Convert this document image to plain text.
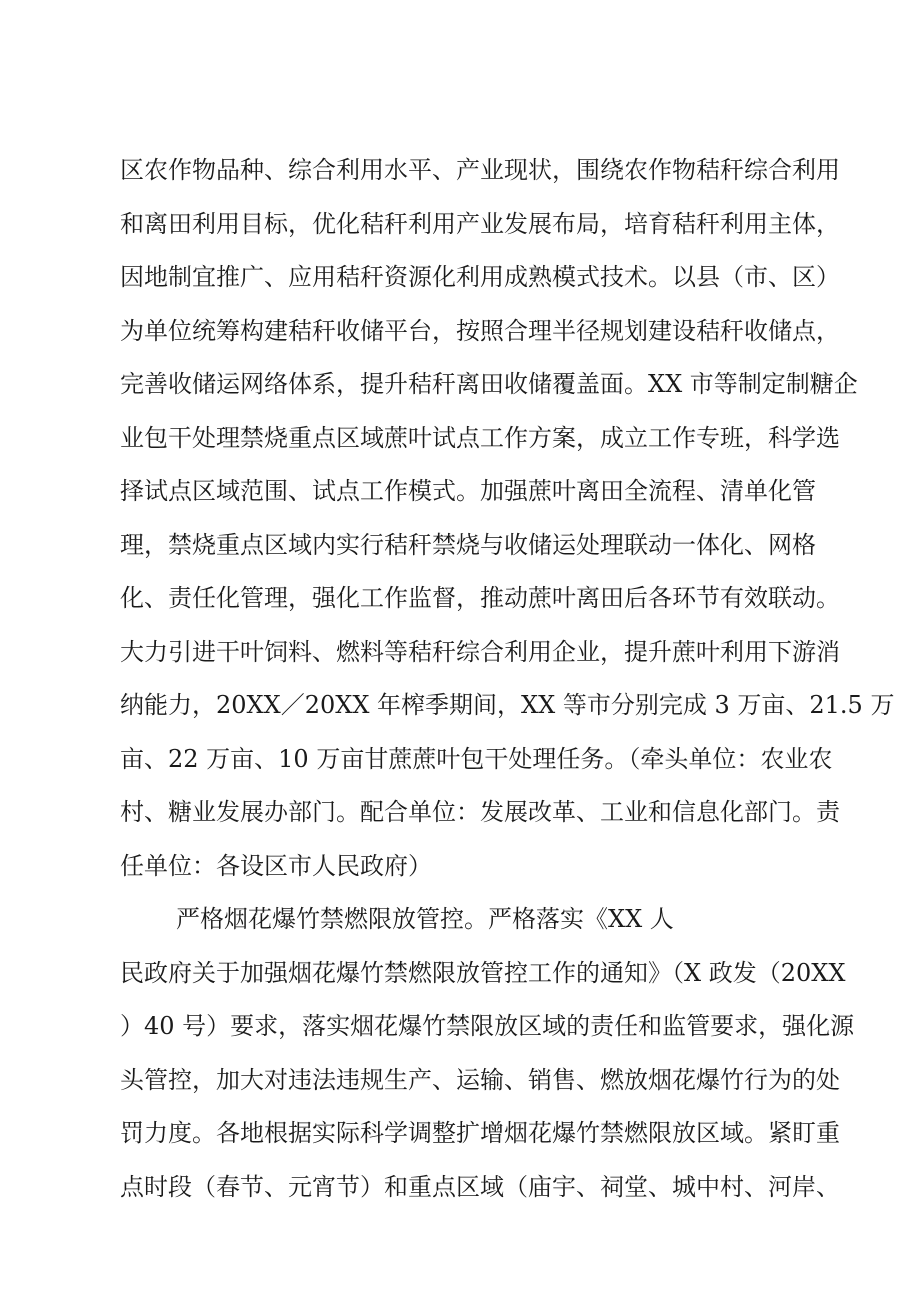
区农作物品种、综合利用水平、产业现状，围绕农作物秸秆综合利用
和离田利用目标，优化秸秆利用产业发展布局，培育秸秆利用主体，
因地制宜推广、应用秸秆资源化利用成熟模式技术。以县（市、区）
为单位统筹构建秸秆收储平台，按照合理半径规划建设秸秆收储点，
完善收储运网络体系，提升秸秆离田收储覆盖面。XX 市等制定制糖企
业包干处理禁烧重点区域蔗叶试点工作方案，成立工作专班，科学选
择试点区域范围、试点工作模式。加强蔗叶离田全流程、清单化管
理，禁烧重点区域内实行秸秆禁烧与收储运处理联动一体化、网格
化、责任化管理，强化工作监督，推动蔗叶离田后各环节有效联动。
大力引进干叶饲料、燃料等秸秆综合利用企业，提升蔗叶利用下游消
纳能力，20XX／20XX 年榨季期间，XX 等市分别完成 3 万亩、21.5 万
亩、22 万亩、10 万亩甘蔗蔗叶包干处理任务。（牵头单位：农业农
村、糖业发展办部门。配合单位：发展改革、工业和信息化部门。责
任单位：各设区市人民政府）
严格烟花爆竹禁燃限放管控。严格落实《XX 人
民政府关于加强烟花爆竹禁燃限放管控工作的通知》（X 政发（20XX
）40 号）要求，落实烟花爆竹禁限放区域的责任和监管要求，强化源
头管控，加大对违法违规生产、运输、销售、燃放烟花爆竹行为的处
罚力度。各地根据实际科学调整扩增烟花爆竹禁燃限放区域。紧盯重
点时段（春节、元宵节）和重点区域（庙宇、祠堂、城中村、河岸、
